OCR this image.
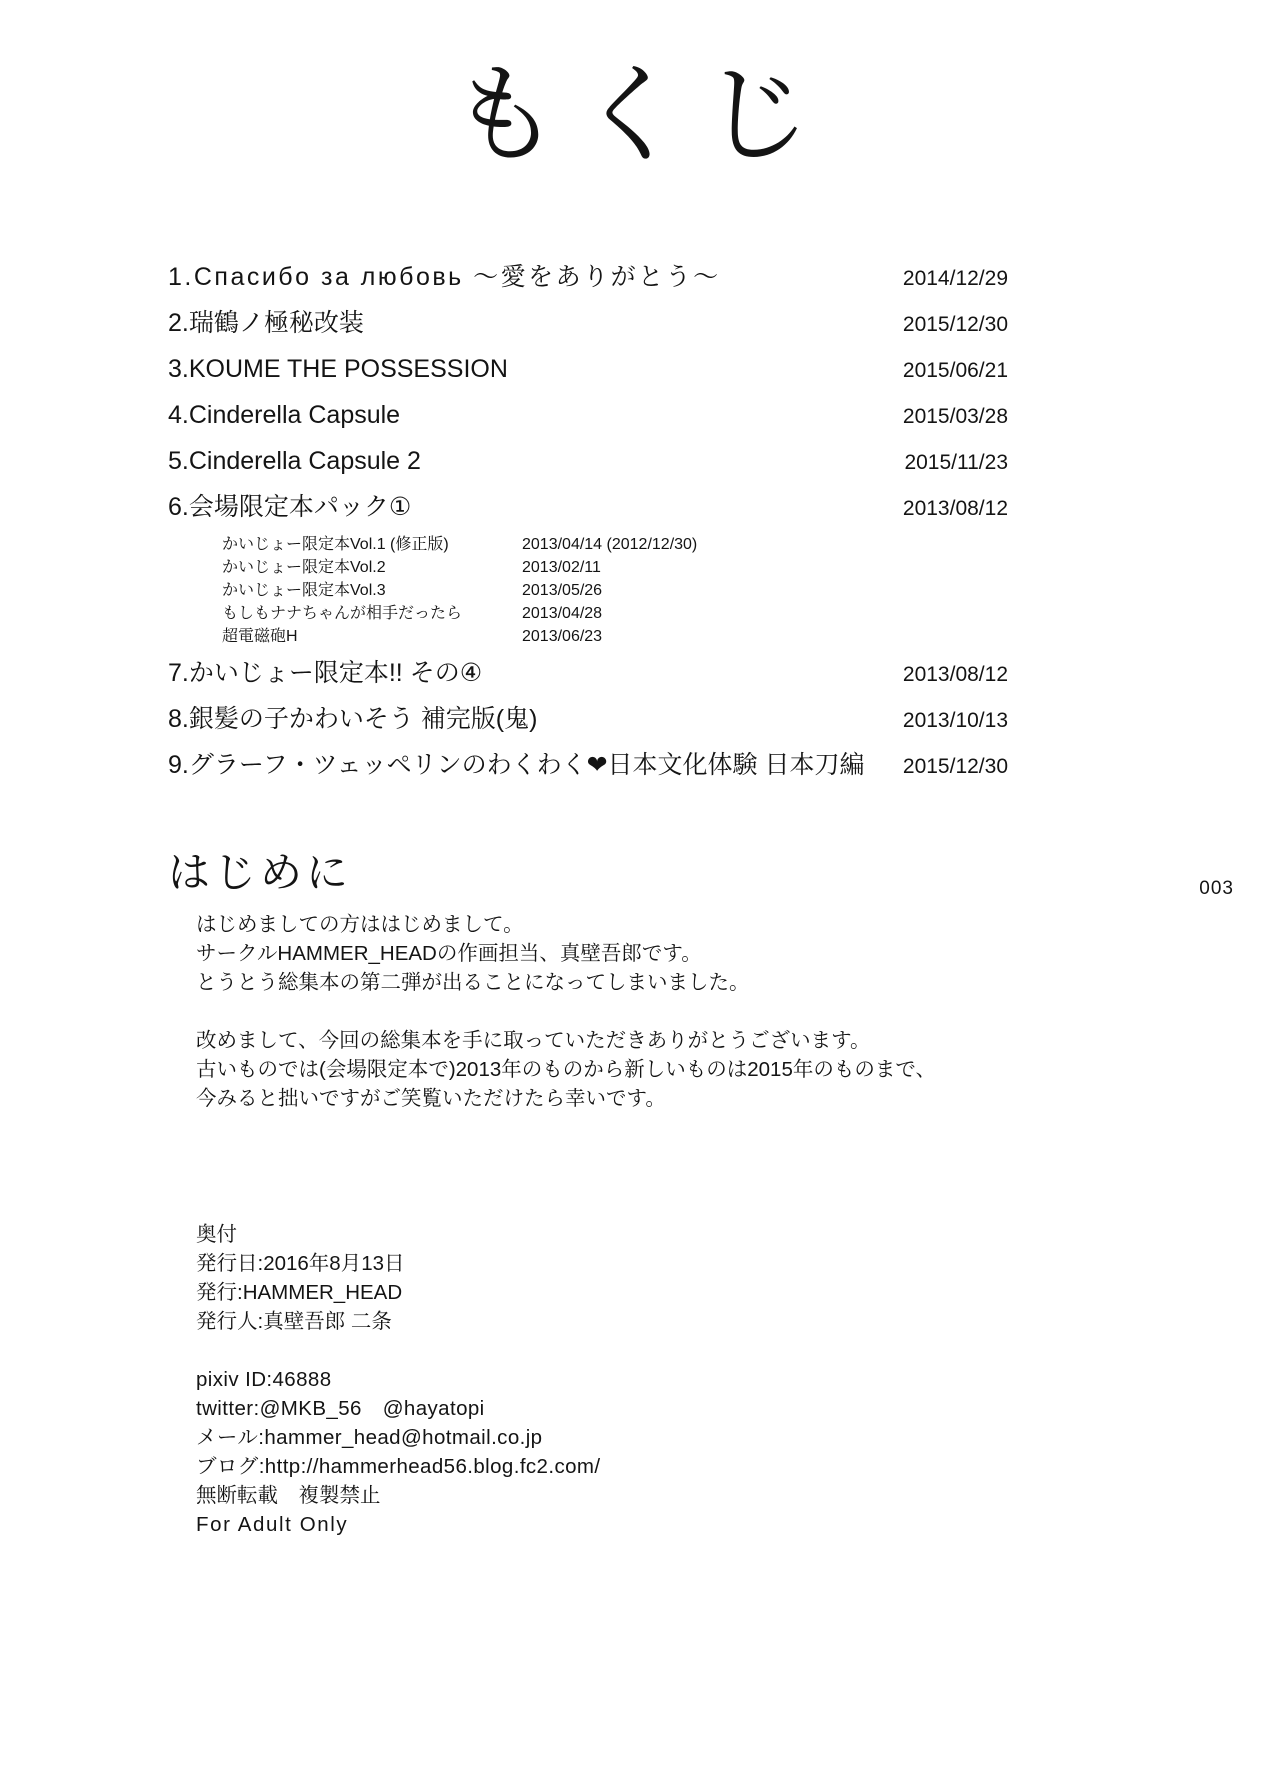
もくじ
1.Спасибо за любовь ～愛をありがとう～	2014/12/29
2.瑞鶴ノ極秘改装	2015/12/30
3.KOUME THE POSSESSION	2015/06/21
4.Cinderella Capsule	2015/03/28
5.Cinderella Capsule 2	2015/11/23
6.会場限定本パック①	2013/08/12
かいじょー限定本Vol.1 (修正版)	2013/04/14 (2012/12/30)
かいじょー限定本Vol.2	2013/02/11
かいじょー限定本Vol.3	2013/05/26
もしもナナちゃんが相手だったら	2013/04/28
超電磁砲H	2013/06/23
7.かいじょー限定本!! その④	2013/08/12
8.銀髪の子かわいそう 補完版(鬼)	2013/10/13
9.グラーフ・ツェッペリンのわくわく❤日本文化体験 日本刀編 2015/12/30
はじめに	003

はじめましての方ははじめまして。

サークルHAMMER_HEADの作画担当、真壁吾郎です。

とうとう総集本の第二弾が出ることになってしまいました。

改めまして、今回の総集本を手に取っていただきありがとうございます。

古いものでは(会場限定本で)2013年のものから新しいものは2015年のものまで、

今みると拙いですがご笑覧いただけたら幸いです。

奥付

発行日:2016年8月13日

発行:HAMMER_HEAD

発行人:真壁吾郎 二条

pixiv ID:46888

twitter:@MKB_56　@hayatopi

メール:hammer_head@hotmail.co.jp

ブログ:http://hammerhead56.blog.fc2.com/

無断転載　複製禁止

For Adult Only
